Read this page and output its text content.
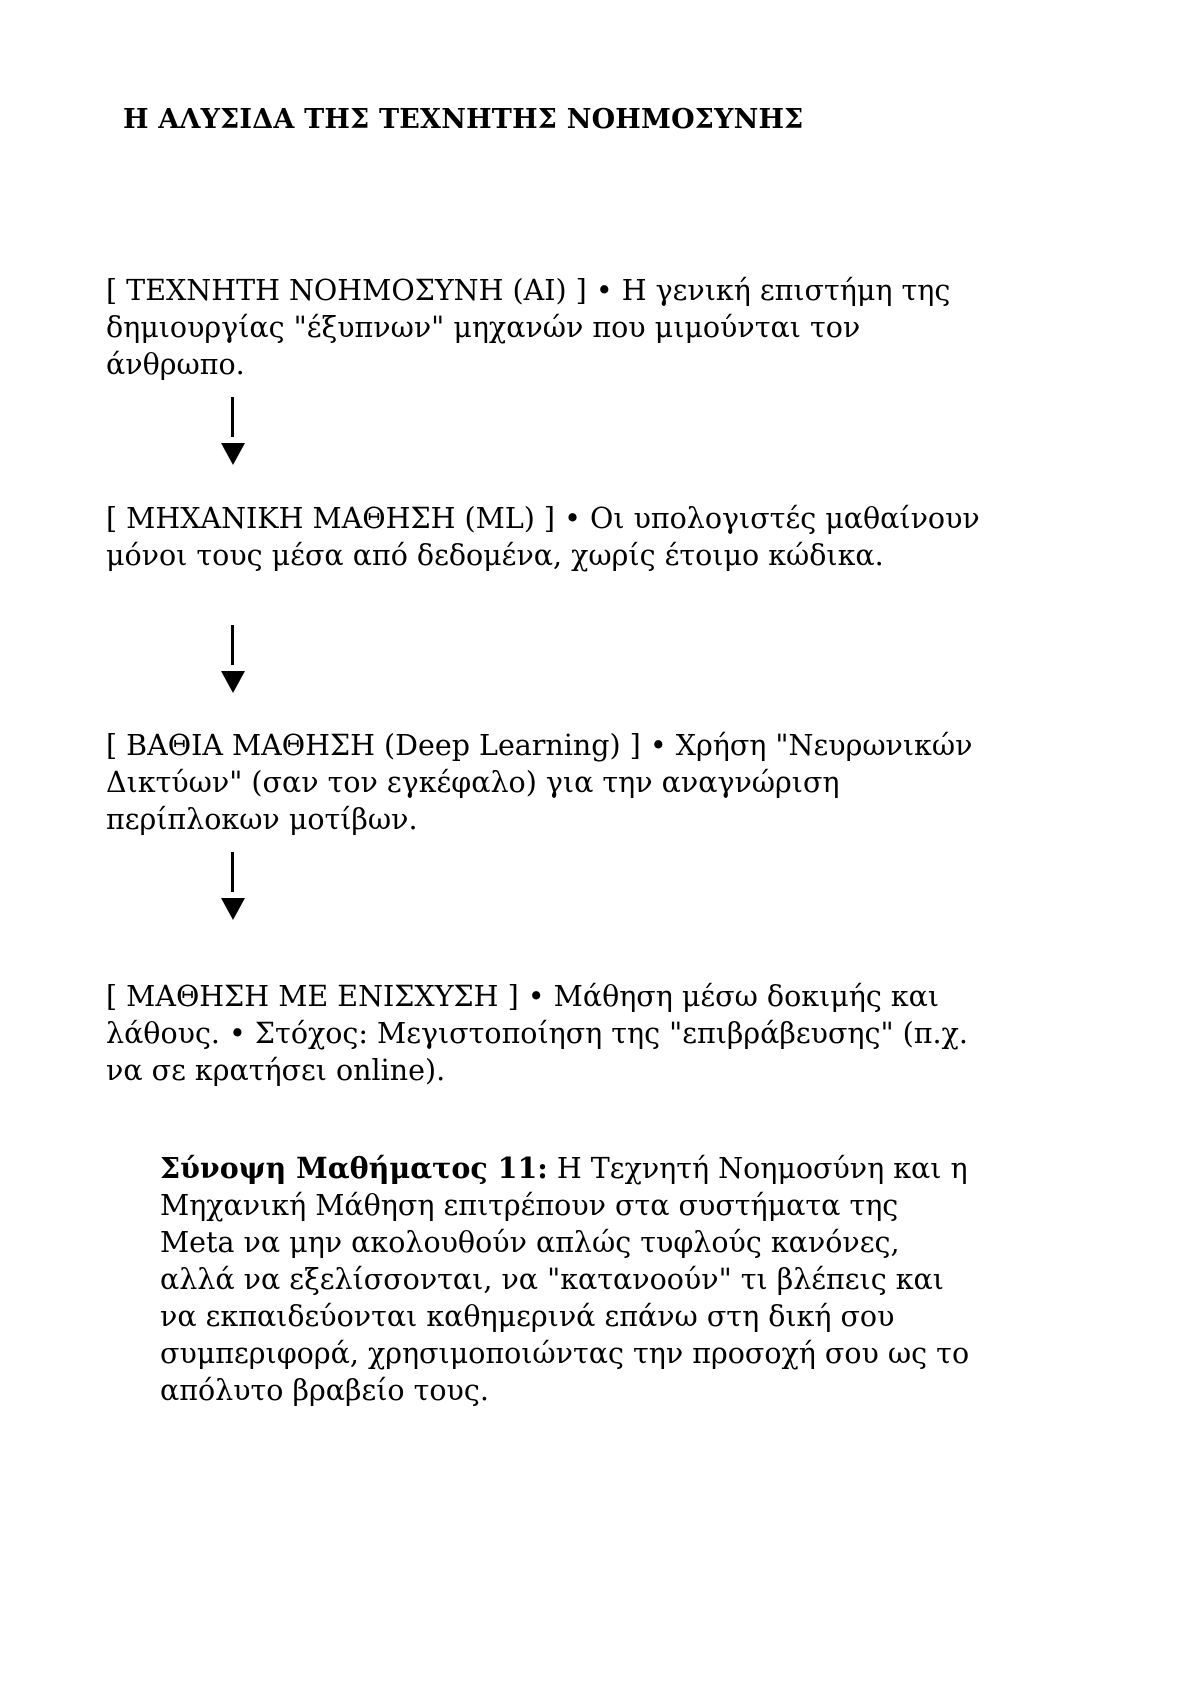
Η ΑΛΥΣΙΔΑ ΤΗΣ ΤΕΧΝΗΤΗΣ ΝΟΗΜΟΣΥΝΗΣ
[ ΤΕΧΝΗΤΗ ΝΟΗΜΟΣΥΝΗ (AI) ] • Η γενική επιστήμη της δημιουργίας "έξυπνων" μηχανών που μιμούνται τον άνθρωπο.
[ ΜΗΧΑΝΙΚΗ ΜΑΘΗΣΗ (ML) ] • Οι υπολογιστές μαθαίνουν μόνοι τους μέσα από δεδομένα, χωρίς έτοιμο κώδικα.
[ ΒΑΘΙΑ ΜΑΘΗΣΗ (Deep Learning) ] • Χρήση "Νευρωνικών Δικτύων" (σαν τον εγκέφαλο) για την αναγνώριση περίπλοκων μοτίβων.
[ ΜΑΘΗΣΗ ΜΕ ΕΝΙΣΧΥΣΗ ] • Μάθηση μέσω δοκιμής και λάθους. • Στόχος: Μεγιστοποίηση της "επιβράβευσης" (π.χ. να σε κρατήσει online).
Σύνοψη Μαθήματος 11: Η Τεχνητή Νοημοσύνη και η Μηχανική Μάθηση επιτρέπουν στα συστήματα της Meta να μην ακολουθούν απλώς τυφλούς κανόνες, αλλά να εξελίσσονται, να "κατανοούν" τι βλέπεις και να εκπαιδεύονται καθημερινά επάνω στη δική σου συμπεριφορά, χρησιμοποιώντας την προσοχή σου ως το απόλυτο βραβείο τους.
